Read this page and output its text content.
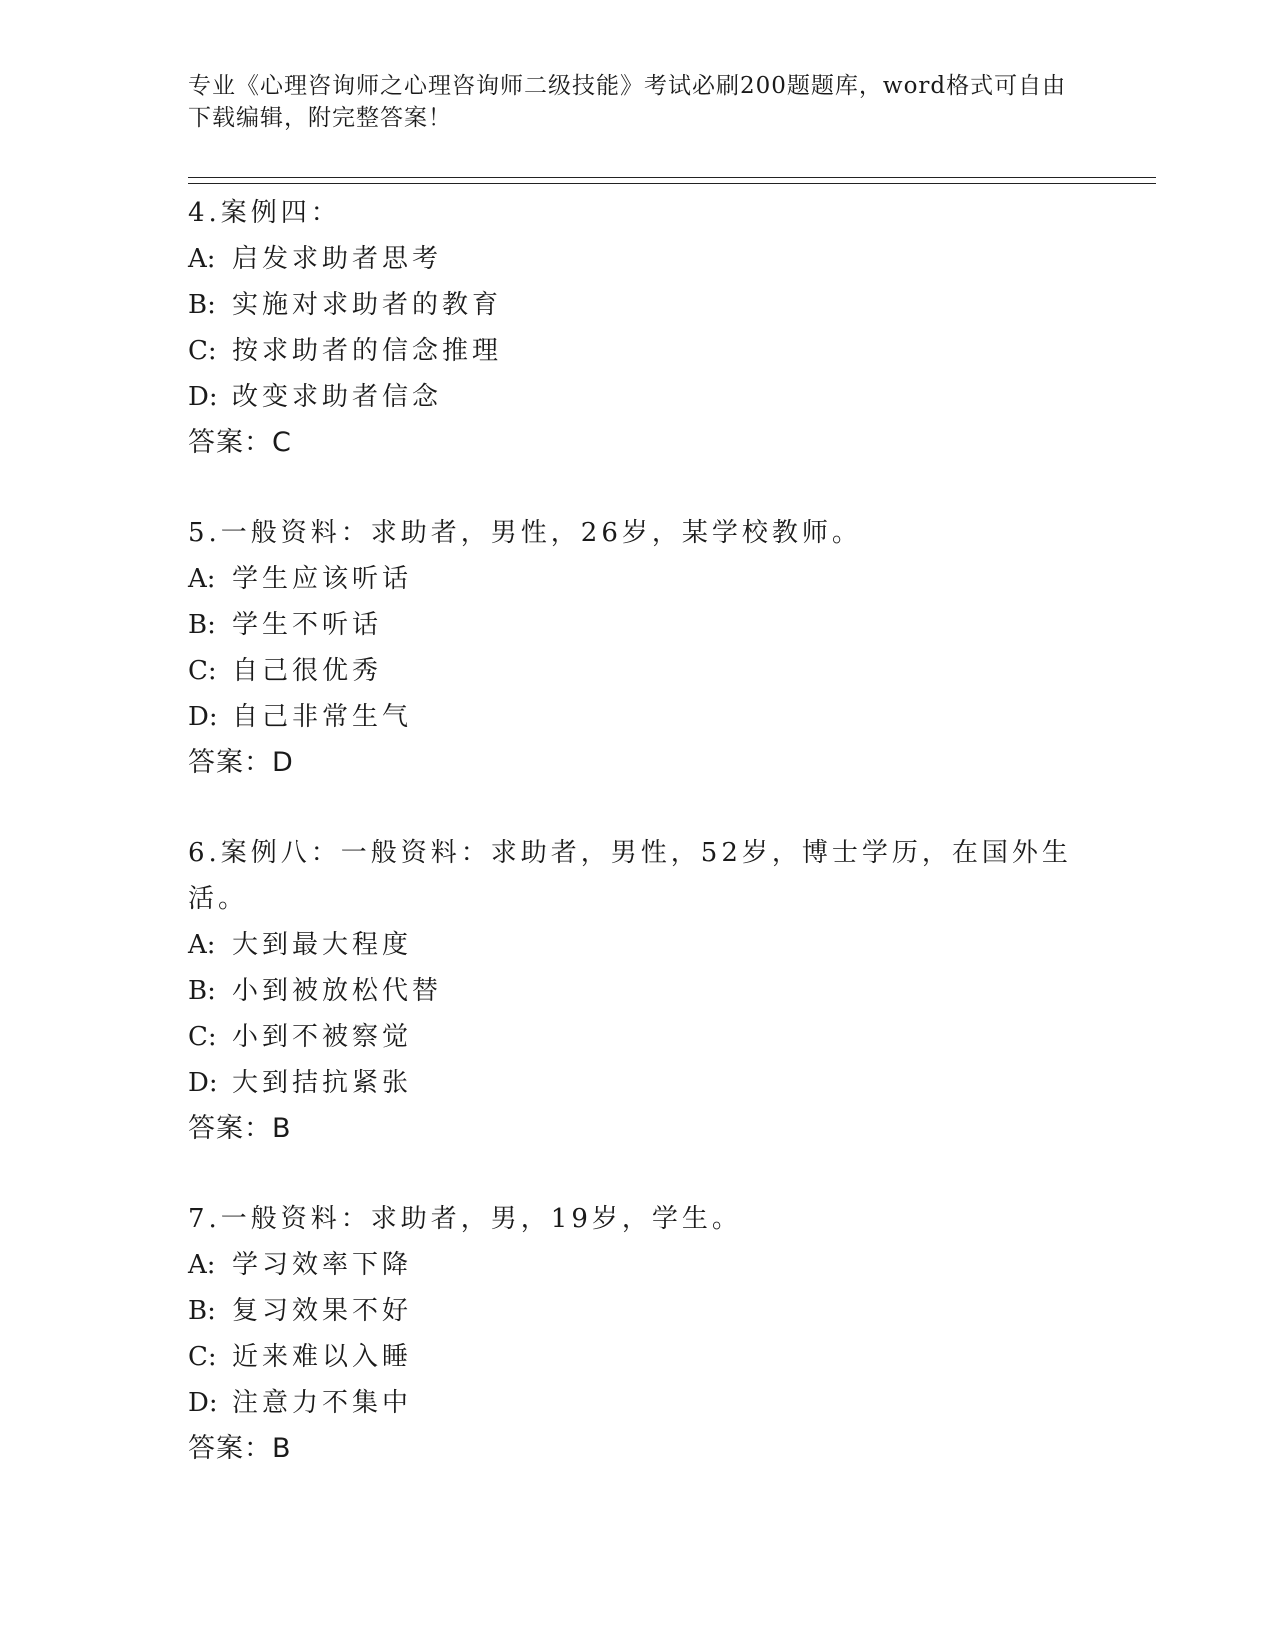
专业《心理咨询师之心理咨询师二级技能》考试必刷200题题库，word格式可自由下载编辑，附完整答案！
4.案例四：
A: 启发求助者思考
B: 实施对求助者的教育
C: 按求助者的信念推理
D: 改变求助者信念
答案：C
5.一般资料：求助者，男性，26岁，某学校教师。
A: 学生应该听话
B: 学生不听话
C: 自己很优秀
D: 自己非常生气
答案：D
6.案例八：一般资料：求助者，男性，52岁，博士学历，在国外生活。
A: 大到最大程度
B: 小到被放松代替
C: 小到不被察觉
D: 大到拮抗紧张
答案：B
7.一般资料：求助者，男，19岁，学生。
A: 学习效率下降
B: 复习效果不好
C: 近来难以入睡
D: 注意力不集中
答案：B
